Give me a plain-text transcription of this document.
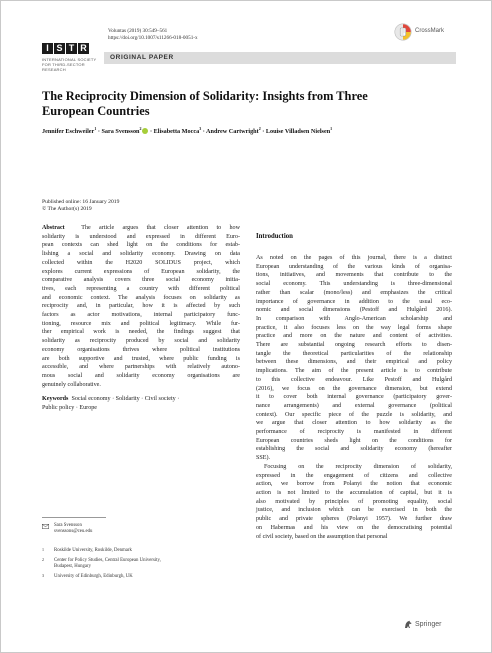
I S T R
INTERNATIONAL SOCIETY FOR THIRD-SECTOR RESEARCH
Voluntas (2019) 30:549–561
https://doi.org/10.1007/s11266-018-0051-x
CrossMark
ORIGINAL PAPER
The Reciprocity Dimension of Solidarity: Insights from Three
European Countries
Jennifer Eschweiler$^1$ · Sara Svensson$^2$ · Elisabetta Mocca$^3$ · Andrew Cartwright$^2$ · Louise Villadsen Nielsen$^1$
Published online: 16 January 2019
© The Author(s) 2019
Abstract	The article argues that closer attention to how
solidarity is understood and expressed in different Euro-
pean contexts can shed light on the conditions for estab-
lishing a social and solidarity economy. Drawing on data
collected within the H2020 SOLIDUS project, which
explores current expressions of European solidarity, the
comparative analysis covers three social economy initia-
tives, each representing a country with different political
and economic context. The analysis focuses on solidarity as
reciprocity and, in particular, how it is affected by such
factors as actor motivations, internal participatory func-
tioning, resource mix and political legitimacy. While fur-
ther empirical work is needed, the findings suggest that
solidarity as reciprocity produced by social and solidarity
economy organisations thrives where political institutions
are both supportive and trusted, where public funding is
accessible, and where partnerships with relatively autono-
mous social and solidarity economy organisations are
genuinely collaborative.
Keywords Social economy · Solidarity · Civil society ·
Public policy · Europe
Sara Svensson
svenssons@ceu.edu
1 Roskilde University, Roskilde, Denmark
2 Center for Policy Studies, Central European University,
Budapest, Hungary
3 University of Edinburgh, Edinburgh, UK
Introduction
As noted on the pages of this journal, there is a distinct
European understanding of the various kinds of organisa-
tions, initiatives, and movements that contribute to the
social economy. This understanding is three-dimensional
rather than scalar (mono/less) and emphasizes the critical
importance of governance in addition to the usual eco-
nomic and social dimensions (Pestoff and Hulgård 2016).
In comparison with Anglo-American scholarship and
practice, it also focuses less on the way legal forms shape
practice and more on the nature and content of activities.
There are substantial ongoing research efforts to disen-
tangle the theoretical particularities of the relationship
between these dimensions, and their empirical and policy
implications. The aim of the present article is to contribute
to this collective endeavour. Like Pestoff and Hulgård
(2016), we focus on the governance dimension, but extend
it to cover both internal governance (participatory gover-
nance arrangements) and external governance (political
context). Our specific piece of the puzzle is solidarity, and
we argue that closer attention to how solidarity as the
performance of reciprocity is manifested in different
European countries sheds light on the conditions for
establishing the social and solidarity economy (hereafter
SSE).
Focusing on the reciprocity dimension of solidarity,
expressed in the engagement of citizens and collective
action, we borrow from Polanyi the notion that economic
action is not limited to the accumulation of capital, but it is
also motivated by principles of promoting equality, social
justice, and inclusion which can be exercised in both the
public and private spheres (Polanyi 1957). We further draw
on Habermas and his view on the democratising potential
of civil society, based on the assumption that personal
Springer
